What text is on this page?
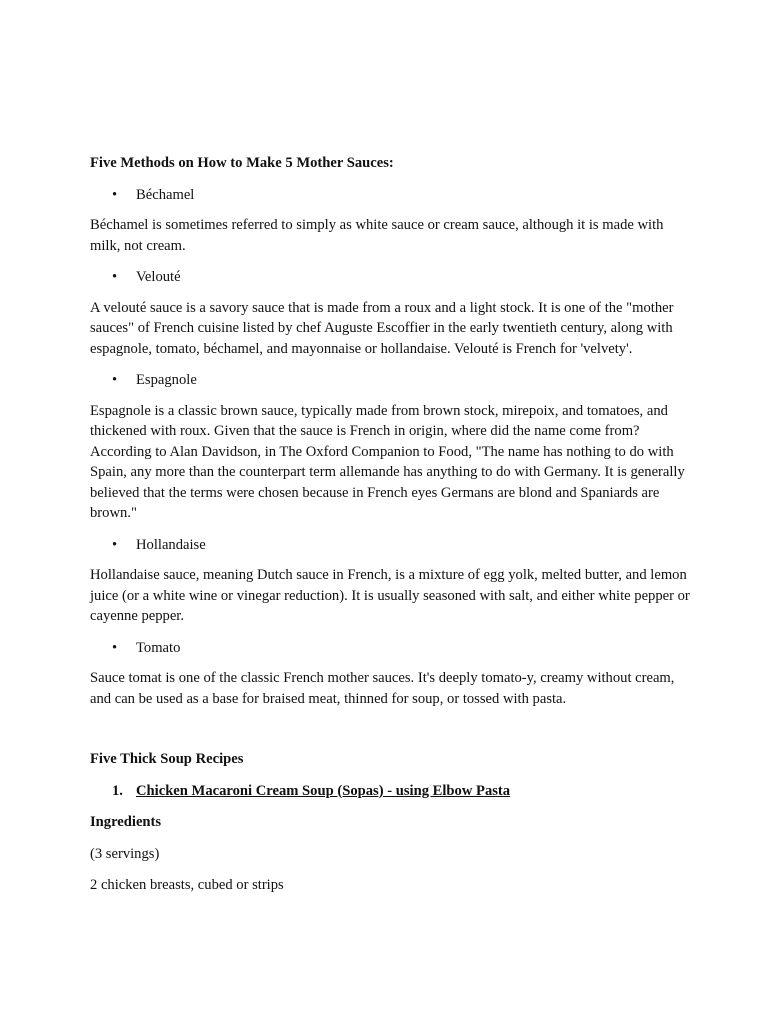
Five Methods on How to Make 5 Mother Sauces:

• Béchamel

Béchamel is sometimes referred to simply as white sauce or cream sauce, although it is made with milk, not cream.

• Velouté

A velouté sauce is a savory sauce that is made from a roux and a light stock. It is one of the "mother sauces" of French cuisine listed by chef Auguste Escoffier in the early twentieth century, along with espagnole, tomato, béchamel, and mayonnaise or hollandaise. Velouté is French for 'velvety'.

• Espagnole

Espagnole is a classic brown sauce, typically made from brown stock, mirepoix, and tomatoes, and thickened with roux. Given that the sauce is French in origin, where did the name come from? According to Alan Davidson, in The Oxford Companion to Food, "The name has nothing to do with Spain, any more than the counterpart term allemande has anything to do with Germany. It is generally believed that the terms were chosen because in French eyes Germans are blond and Spaniards are brown."

• Hollandaise

Hollandaise sauce, meaning Dutch sauce in French, is a mixture of egg yolk, melted butter, and lemon juice (or a white wine or vinegar reduction). It is usually seasoned with salt, and either white pepper or cayenne pepper.

• Tomato

Sauce tomat is one of the classic French mother sauces. It's deeply tomato-y, creamy without cream, and can be used as a base for braised meat, thinned for soup, or tossed with pasta.

Five Thick Soup Recipes

1. Chicken Macaroni Cream Soup (Sopas) - using Elbow Pasta

Ingredients

(3 servings)

2 chicken breasts, cubed or strips
